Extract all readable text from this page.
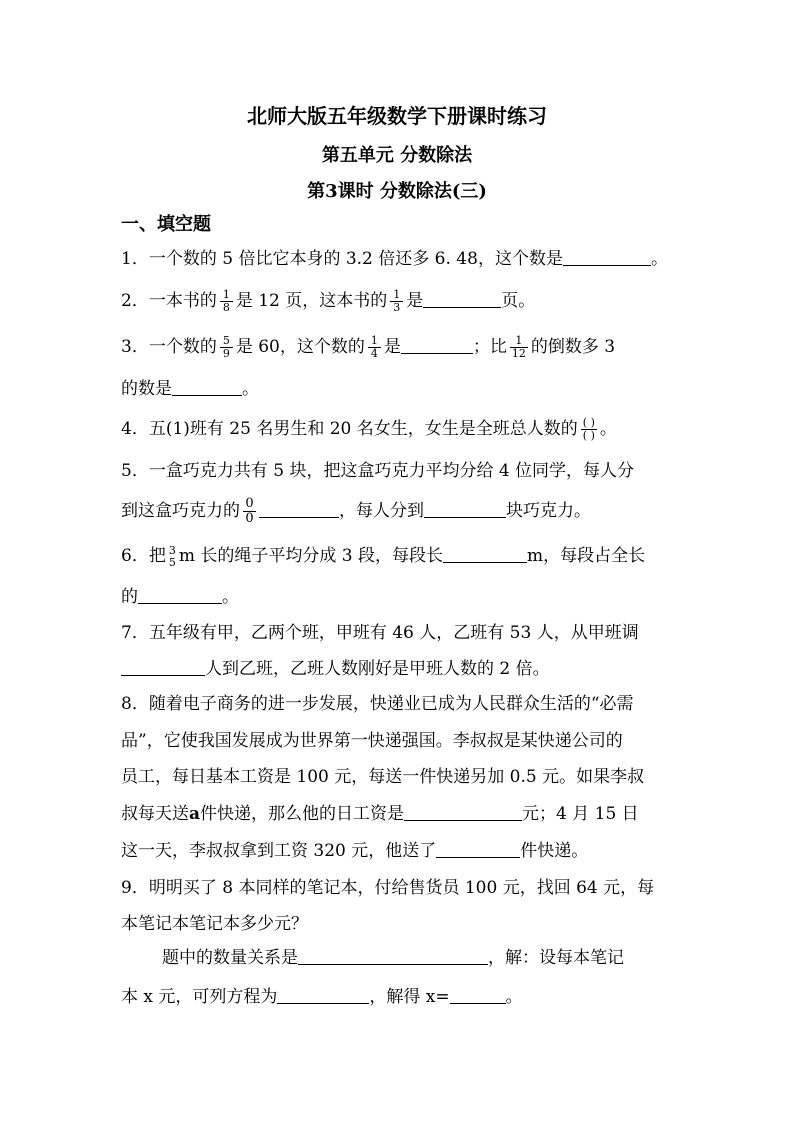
北师大版五年级数学下册课时练习
第五单元 分数除法
第3课时 分数除法(三)
一、填空题
1．一个数的 5 倍比它本身的 3.2 倍还多 6. 48，这个数是	。
2．一本书的 $\frac{1}{8}$ 是 12 页，这本书的 $\frac{1}{3}$ 是	页。
3．一个数的 $\frac{5}{9}$ 是 60，这个数的 $\frac{1}{4}$ 是	；比 $\frac{1}{12}$ 的倒数多 3
的数是	。
4．五(1)班有 25 名男生和 20 名女生，女生是全班总人数的 $\frac{( )}{( )}$ 。
5．一盒巧克力共有 5 块，把这盒巧克力平均分给 4 位同学，每人分
到这盒巧克力的 $\frac{0}{0}$	，每人分到	块巧克力。
6．把 3
5 m 长的绳子平均分成 3 段，每段长	m，每段占全长
的	。
7．五年级有甲，乙两个班，甲班有 46 人，乙班有 53 人，从甲班调
人到乙班，乙班人数刚好是甲班人数的 2 倍。
8．随着电子商务的进一步发展，快递业已成为人民群众生活的“必需
品”，它使我国发展成为世界第一快递强国。李叔叔是某快递公司的
员工，每日基本工资是 100 元，每送一件快递另加 0.5 元。如果李叔
叔每天送a件快递，那么他的日工资是	元；4 月 15 日
这一天，李叔叔拿到工资 320 元，他送了	件快递。
9．明明买了 8 本同样的笔记本，付给售货员 100 元，找回 64 元，每
本笔记本笔记本多少元？
题中的数量关系是	，解：设每本笔记
本 x 元，可列方程为	，解得 x=	。
